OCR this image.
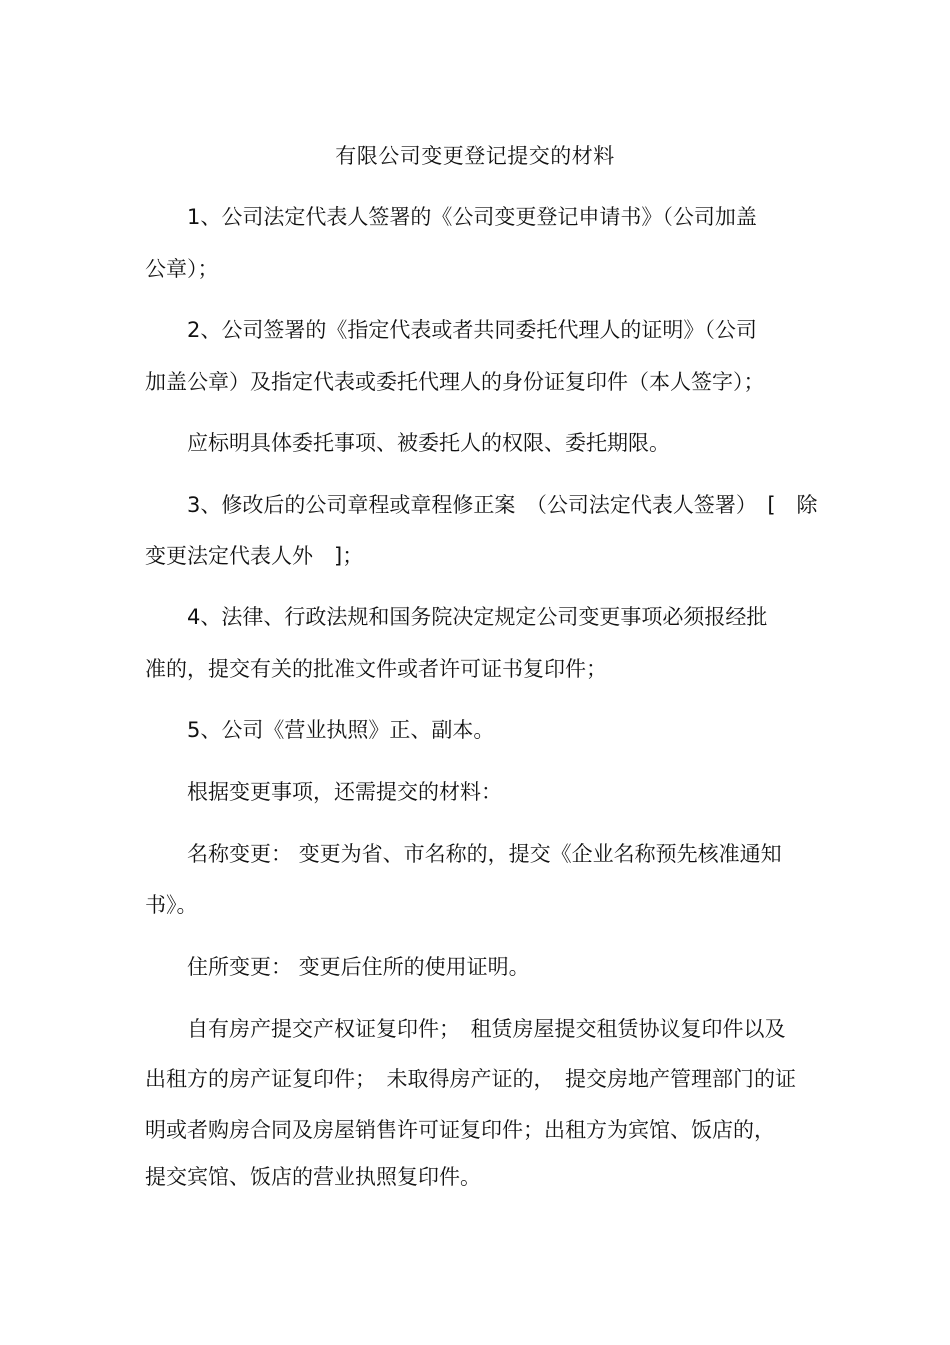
有限公司变更登记提交的材料
1、公司法定代表人签署的《公司变更登记申请书》（公司加盖
公章）；
2、公司签署的《指定代表或者共同委托代理人的证明》（公司
加盖公章）及指定代表或委托代理人的身份证复印件（本人签字）；
应标明具体委托事项、被委托人的权限、委托期限。
3、修改后的公司章程或章程修正案　（公司法定代表人签署）　[　除
变更法定代表人外　]；
4、法律、行政法规和国务院决定规定公司变更事项必须报经批
准的，提交有关的批准文件或者许可证书复印件；
5、公司《营业执照》正、副本。
根据变更事项，还需提交的材料：
名称变更： 变更为省、市名称的，提交《企业名称预先核准通知
书》。
住所变更： 变更后住所的使用证明。
自有房产提交产权证复印件；　租赁房屋提交租赁协议复印件以及
出租方的房产证复印件；　未取得房产证的，　提交房地产管理部门的证
明或者购房合同及房屋销售许可证复印件；出租方为宾馆、饭店的，
提交宾馆、饭店的营业执照复印件。
